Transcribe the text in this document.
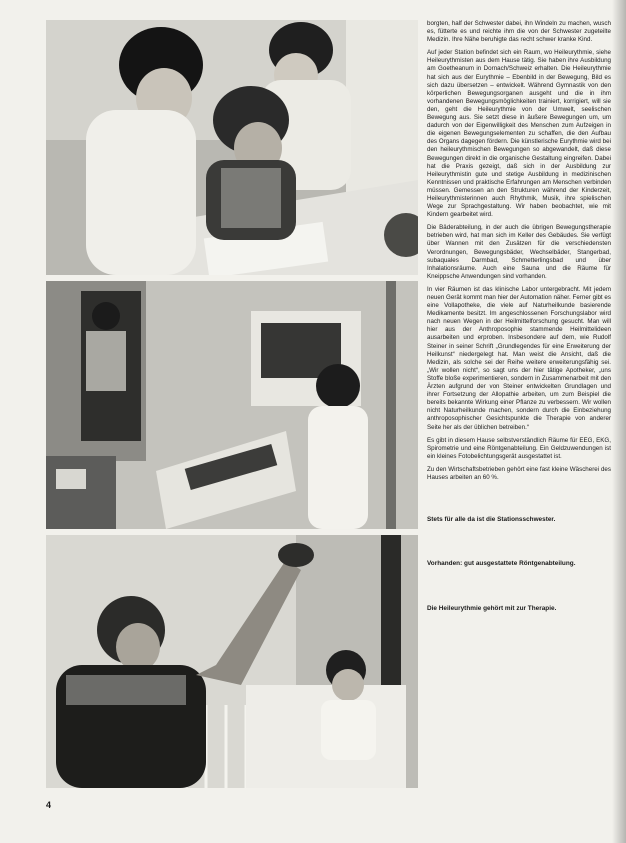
borgten, half der Schwester dabei, ihn Windeln zu machen, wusch es, fütterte es und reichte ihm die von der Schwester zugeteilte Medizin. Ihre Nähe beruhigte das recht schwer kranke Kind.

Auf jeder Station befindet sich ein Raum, wo Heileurythmie, siehe Heileurythmisten aus dem Hause tätig. Sie haben ihre Ausbildung am Goetheanum in Dornach/Schweiz erhalten. Die Heileurythmie hat sich aus der Eurythmie – Ebenbild in der Bewegung, Bild es sich dazu übersetzen – entwickelt. Während Gymnastik von den körperlichen Bewegungsorganen ausgeht und die in ihm vorhandenen Bewegungsmöglichkeiten trainiert, korrigiert, will sie den, geht die Heileurythmie von der Umwelt, seelischen Bewegung aus. Sie setzt diese in äußere Bewegungen um, um dadurch von der Eigenwilligkeit des Menschen zum Aufzeigen in die eigenen Bewegungselementen zu schaffen, die den Aufbau des Organs dagegen fördern. Die künstlerische Eurythmie wird bei den heileurythmischen Bewegungen so abgewandelt, daß diese Bewegungen direkt in die organische Gestaltung eingreifen. Dabei hat die Praxis gezeigt, daß sich in der Ausbildung zur Heileurythmistin gute und stetige Ausbildung in medizinischen Kenntnissen und praktische Erfahrungen am Menschen verbinden müssen. Gemessen an den Strukturen während der Kinderzeit, Heileurythmisterinnen auch Rhythmik, Musik, ihre spielischen Wege zur Sprachgestaltung. Wir haben beobachtet, wie mit Kindern gearbeitet wird.

Die Bäderabteilung, in der auch die übrigen Bewegungstherapie betrieben wird, hat man sich im Keller des Gebäudes. Sie verfügt über Wannen mit den Zusätzen für die verschiedensten Verordnungen, Bewegungsbäder, Wechselbäder, Stangerbad, subaquales Darmbad, Schmetterlingsbad und über Inhalationsräume. Auch eine Sauna und die Räume für Kneippsche Anwendungen sind vorhanden.

In vier Räumen ist das klinische Labor untergebracht. Mit jedem neuen Gerät kommt man hier der Automation näher. Ferner gibt es eine Vollapotheke, die viele auf Naturheilkunde basierende Medikamente besitzt. Im angeschlossenen Forschungslabor wird nach neuen Wegen in der Heilmittelforschung gesucht. Man will hier aus der Anthroposophie stammende Heilmittelideen ausarbeiten und erproben. Insbesondere auf dem, wie Rudolf Steiner in seiner Schrift „Grundlegendes für eine Erweiterung der Heilkunst“ niedergelegt hat. Man weist die Ansicht, daß die Medizin, als solche sei der Reihe weitere erweiterungsfähig sei. „Wir wollen nicht“, so sagt uns der hier tätige Apotheker, „uns Stoffe bloße experimentieren, sondern in Zusammenarbeit mit den Ärzten aufgrund der von Steiner entwickelten Grundlagen und ihrer Fortsetzung der Allopathie arbeiten, um zum Beispiel die bereits bekannte Wirkung einer Pflanze zu verbessern. Wir wollen nicht Naturheilkunde machen, sondern durch die Einbeziehung anthroposophischer Gesichtspunkte die Therapie von anderer Seite her als der üblichen betreiben.“

Es gibt in diesem Hause selbstverständlich Räume für EEG, EKG, Spirometrie und eine Röntgenabteilung. Ein Geldzuwendungen ist ein kleines Fotobelichtungsgerät ausgestattet ist.

Zu den Wirtschaftsbetrieben gehört eine fast kleine Wäscherei des Hauses arbeiten an 60 %.

Stets für alle da ist die Stationsschwester.

Vorhanden: gut ausgestattete Röntgenabteilung.

Die Heileurythmie gehört mit zur Therapie.

4
